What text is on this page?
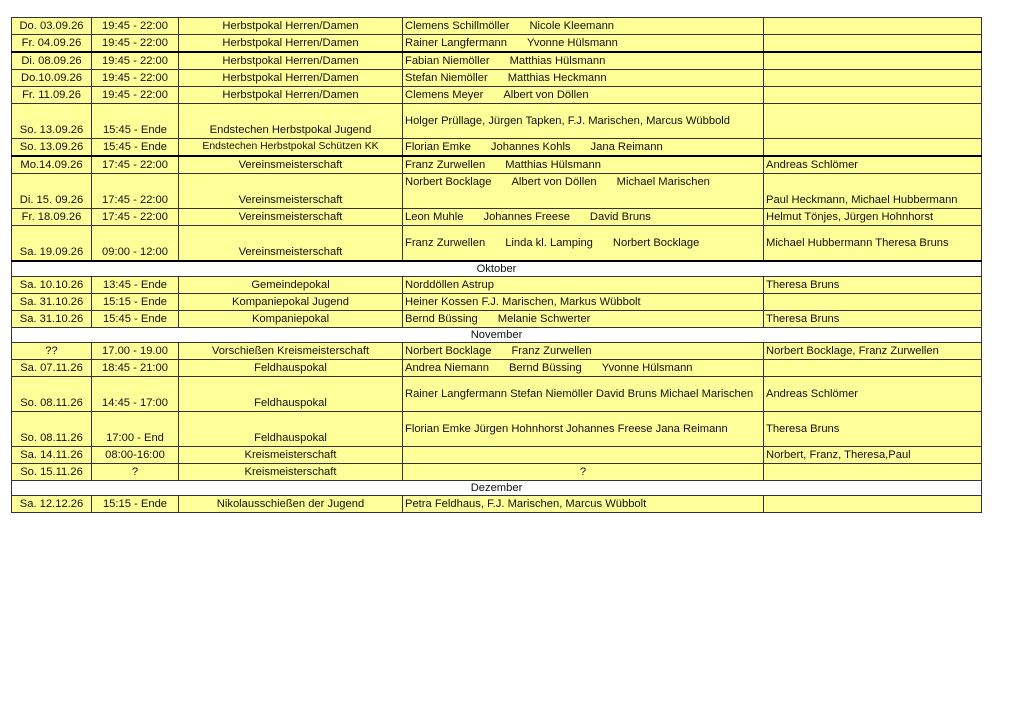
Do. 03.09.26	19:45 - 22:00	Herbstpokal Herren/Damen	Clemens Schillmöller Nicole Kleemann	
Fr. 04.09.26	19:45 - 22:00	Herbstpokal Herren/Damen	Rainer Langfermann Yvonne Hülsmann	
Di. 08.09.26	19:45 - 22:00	Herbstpokal Herren/Damen	Fabian Niemöller Matthias Hülsmann	
Do.10.09.26	19:45 - 22:00	Herbstpokal Herren/Damen	Stefan Niemöller Matthias Heckmann	
Fr. 11.09.26	19:45 - 22:00	Herbstpokal Herren/Damen	Clemens Meyer Albert von Döllen	
So. 13.09.26	15:45 - Ende	Endstechen Herbstpokal Jugend	Holger Prüllage, Jürgen Tapken, F.J. Marischen, Marcus Wübbold	
So. 13.09.26	15:45 - Ende	Endstechen Herbstpokal Schützen KK	Florian Emke Johannes Kohls Jana Reimann	
Mo.14.09.26	17:45 - 22:00	Vereinsmeisterschaft	Franz Zurwellen Matthias Hülsmann	Andreas Schlömer
Di. 15. 09.26	17:45 - 22:00	Vereinsmeisterschaft	Norbert Bocklage Albert von Döllen Michael Marischen	Paul Heckmann, Michael Hubbermann
Fr. 18.09.26	17:45 - 22:00	Vereinsmeisterschaft	Leon Muhle Johannes Freese David Bruns	Helmut Tönjes, Jürgen Hohnhorst
Sa. 19.09.26	09:00 - 12:00	Vereinsmeisterschaft	Franz Zurwellen Linda kl. Lamping Norbert Bocklage	Michael Hubbermann Theresa Bruns
Oktober				
Sa. 10.10.26	13:45 - Ende	Gemeindepokal	Norddöllen Astrup	Theresa Bruns
Sa. 31.10.26	15:15 - Ende	Kompaniepokal Jugend	Heiner Kossen F.J. Marischen, Markus Wübbolt	
Sa. 31.10.26	15:45 - Ende	Kompaniepokal	Bernd Büssing Melanie Schwerter	Theresa Bruns
November				
??	17.00 - 19.00	Vorschießen Kreismeisterschaft	Norbert Bocklage Franz Zurwellen	Norbert Bocklage, Franz Zurwellen
Sa. 07.11.26	18:45 - 21:00	Feldhauspokal	Andrea Niemann Bernd Büssing Yvonne Hülsmann	
So. 08.11.26	14:45 - 17:00	Feldhauspokal	Rainer Langfermann Stefan Niemöller David Bruns Michael Marischen	Andreas Schlömer
So. 08.11.26	17:00 - End	Feldhauspokal	Florian Emke Jürgen Hohnhorst Johannes Freese Jana Reimann	Theresa Bruns
Sa. 14.11.26	08:00-16:00	Kreismeisterschaft		Norbert, Franz, Theresa,Paul
So. 15.11.26	?	Kreismeisterschaft	?	
Dezember				
Sa. 12.12.26	15:15 - Ende	Nikolausschießen der Jugend	Petra Feldhaus, F.J. Marischen, Marcus Wübbolt	
